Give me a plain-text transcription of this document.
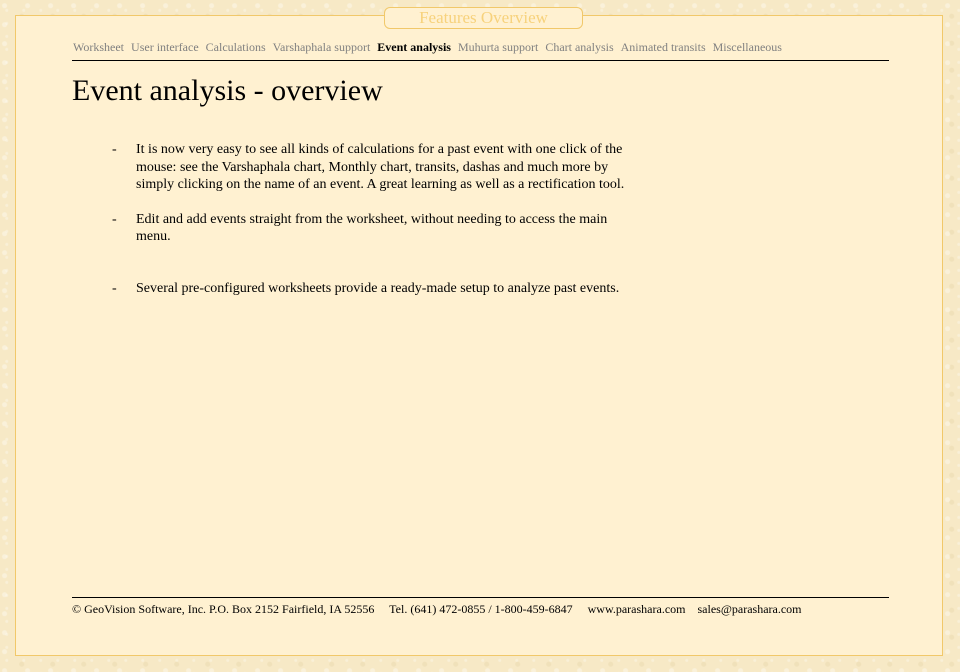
Features Overview
Worksheet User interface Calculations Varshaphala support Event analysis Muhurta support Chart analysis Animated transits Miscellaneous
Event analysis - overview
- It is now very easy to see all kinds of calculations for a past event with one click of the mouse: see the Varshaphala chart, Monthly chart, transits, dashas and much more by simply clicking on the name of an event. A great learning as well as a rectification tool.
- Edit and add events straight from the worksheet, without needing to access the main menu.
- Several pre-configured worksheets provide a ready-made setup to analyze past events.
© GeoVision Software, Inc. P.O. Box 2152 Fairfield, IA 52556 Tel. (641) 472-0855 / 1-800-459-6847 www.parashara.com sales@parashara.com
